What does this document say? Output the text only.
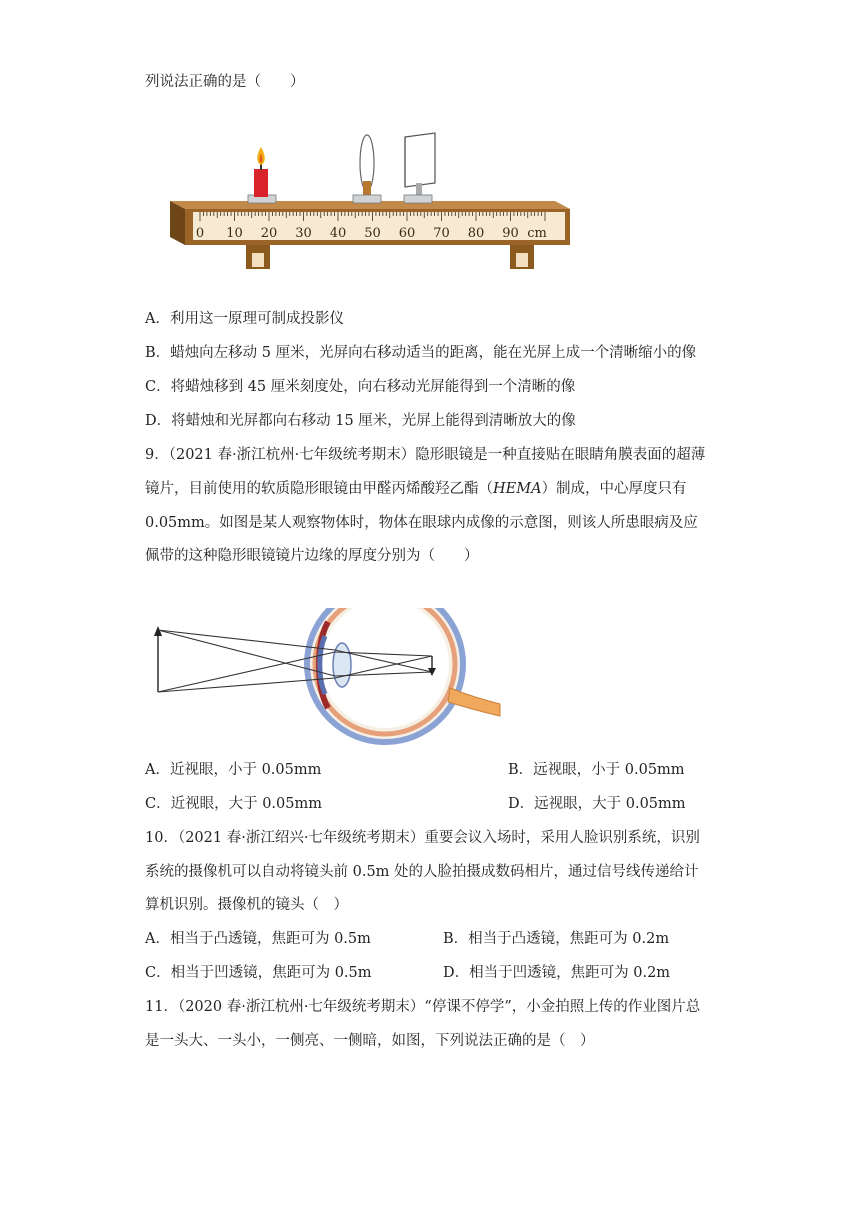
列说法正确的是（　　）
0 10 20 30 40 50 60 70 80 90 cm
A．利用这一原理可制成投影仪
B．蜡烛向左移动 5 厘米，光屏向右移动适当的距离，能在光屏上成一个清晰缩小的像
C．将蜡烛移到 45 厘米刻度处，向右移动光屏能得到一个清晰的像
D．将蜡烛和光屏都向右移动 15 厘米，光屏上能得到清晰放大的像
9．（2021 春·浙江杭州·七年级统考期末）隐形眼镜是一种直接贴在眼睛角膜表面的超薄
镜片，目前使用的软质隐形眼镜由甲醛丙烯酸羟乙酯（HEMA）制成，中心厚度只有
0.05mm。如图是某人观察物体时，物体在眼球内成像的示意图，则该人所患眼病及应
佩带的这种隐形眼镜镜片边缘的厚度分别为（　　）
A．近视眼，小于 0.05mm	B．远视眼，小于 0.05mm
C．近视眼，大于 0.05mm	D．远视眼，大于 0.05mm
10．（2021 春·浙江绍兴·七年级统考期末）重要会议入场时，采用人脸识别系统，识别
系统的摄像机可以自动将镜头前 0.5m 处的人脸拍摄成数码相片，通过信号线传递给计
算机识别。摄像机的镜头（　）
A．相当于凸透镜，焦距可为 0.5m	B．相当于凸透镜，焦距可为 0.2m
C．相当于凹透镜，焦距可为 0.5m	D．相当于凹透镜，焦距可为 0.2m
11．（2020 春·浙江杭州·七年级统考期末）“停课不停学”，小金拍照上传的作业图片总
是一头大、一头小，一侧亮、一侧暗，如图，下列说法正确的是（　）
